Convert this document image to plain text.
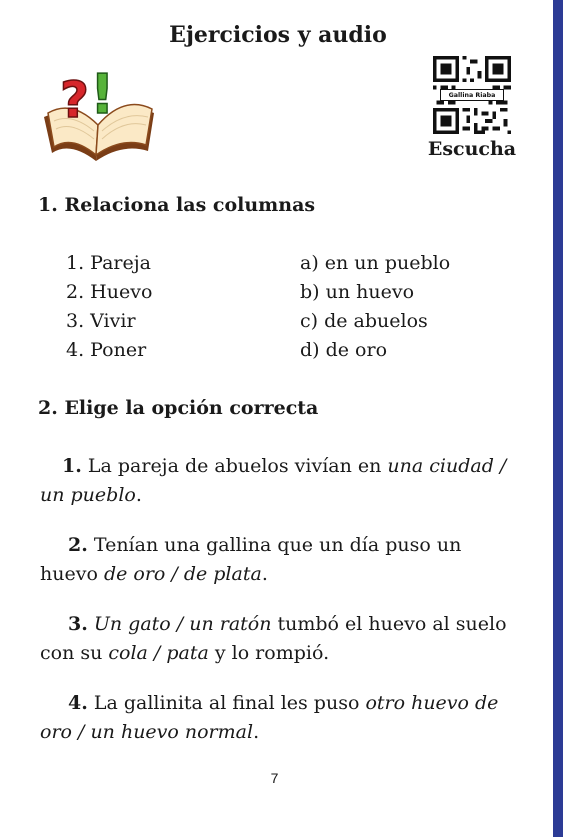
Ejercicios y audio
? !	Gallina Riaba
Escucha
1. Relaciona las columnas
1. Pareja
2. Huevo
3. Vivir
4. Poner
a) en un pueblo
b) un huevo
c) de abuelos
d) de oro
2. Elige la opción correcta
1. La pareja de abuelos vivían en una ciudad / un pueblo.
2. Tenían una gallina que un día puso un huevo de oro / de plata.
3. Un gato / un ratón tumbó el huevo al suelo con su cola / pata y lo rompió.
4. La gallinita al final les puso otro huevo de oro / un huevo normal.
7
